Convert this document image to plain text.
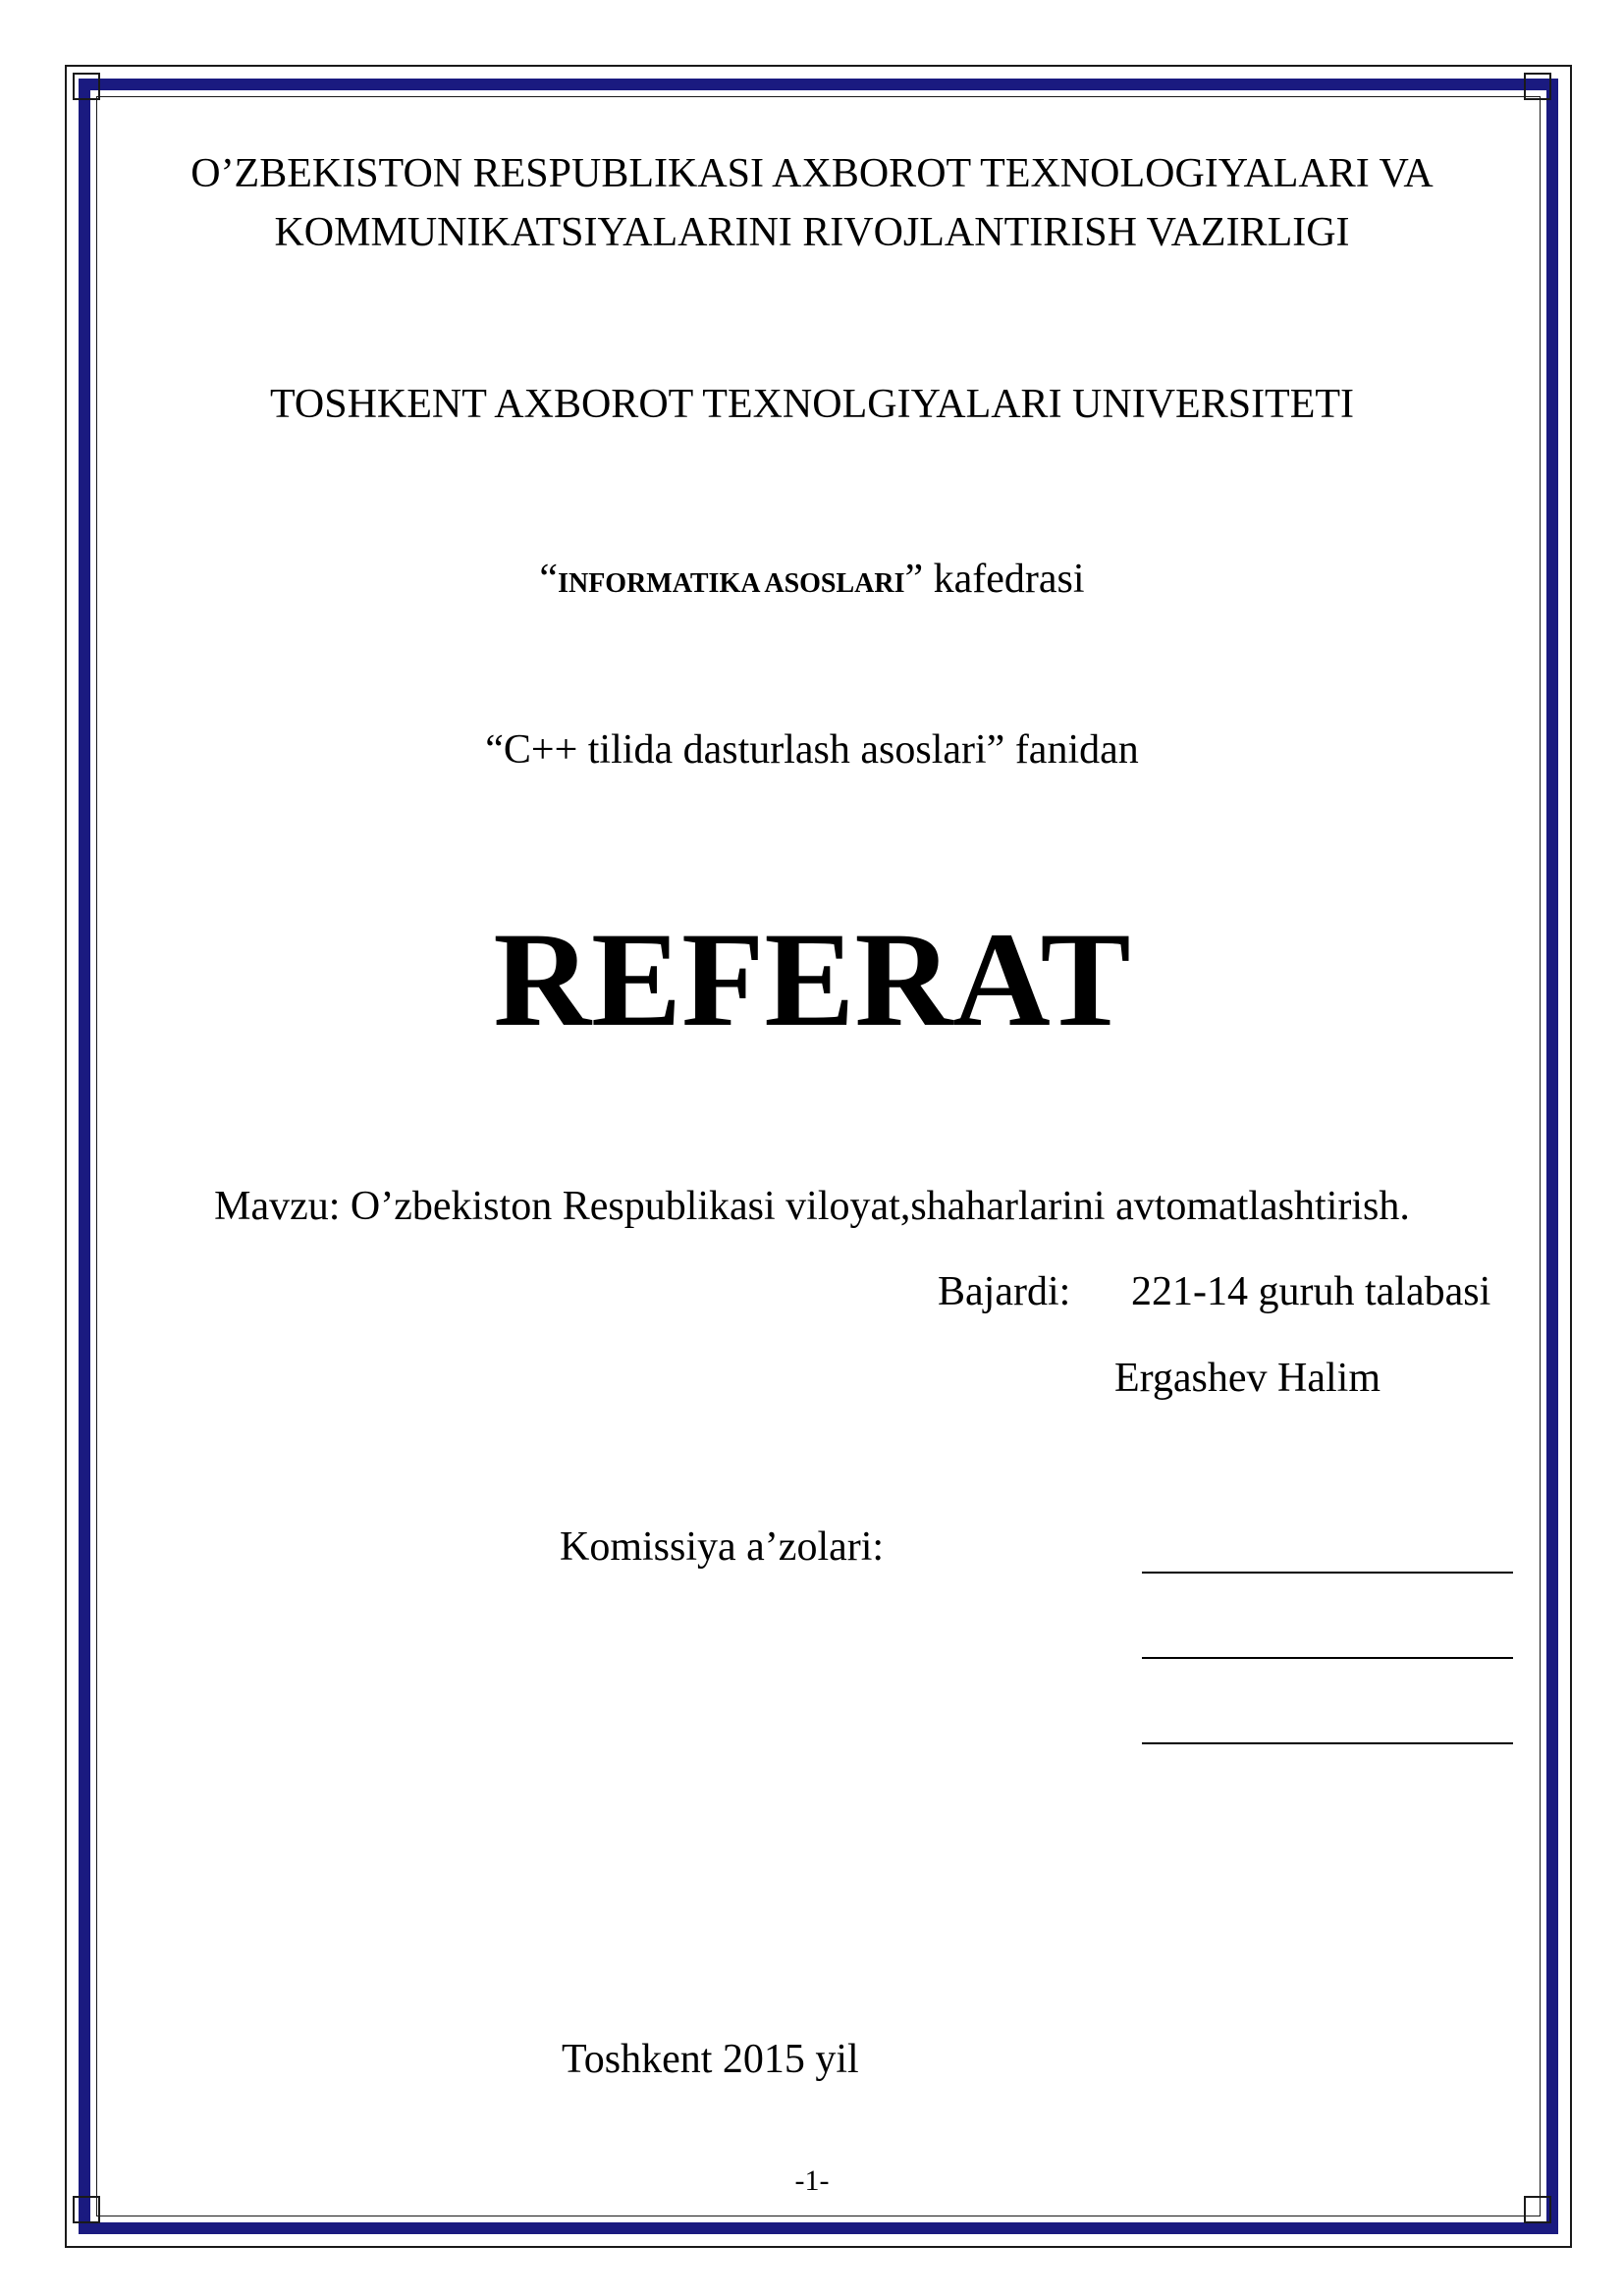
O’ZBEKISTON RESPUBLIKASI AXBOROT TEXNOLOGIYALARI VA
KOMMUNIKATSIYALARINI RIVOJLANTIRISH VAZIRLIGI
TOSHKENT AXBOROT TEXNOLGIYALARI UNIVERSITETI
“INFORMATIKA ASOSLARI” kafedrasi
“C++ tilida dasturlash asoslari” fanidan
REFERAT
Mavzu: O’zbekiston Respublikasi viloyat,shaharlarini avtomatlashtirish.
Bajardi: 221-14 guruh talabasi
Ergashev Halim
Komissiya a’zolari:
Toshkent 2015 yil
-1-
